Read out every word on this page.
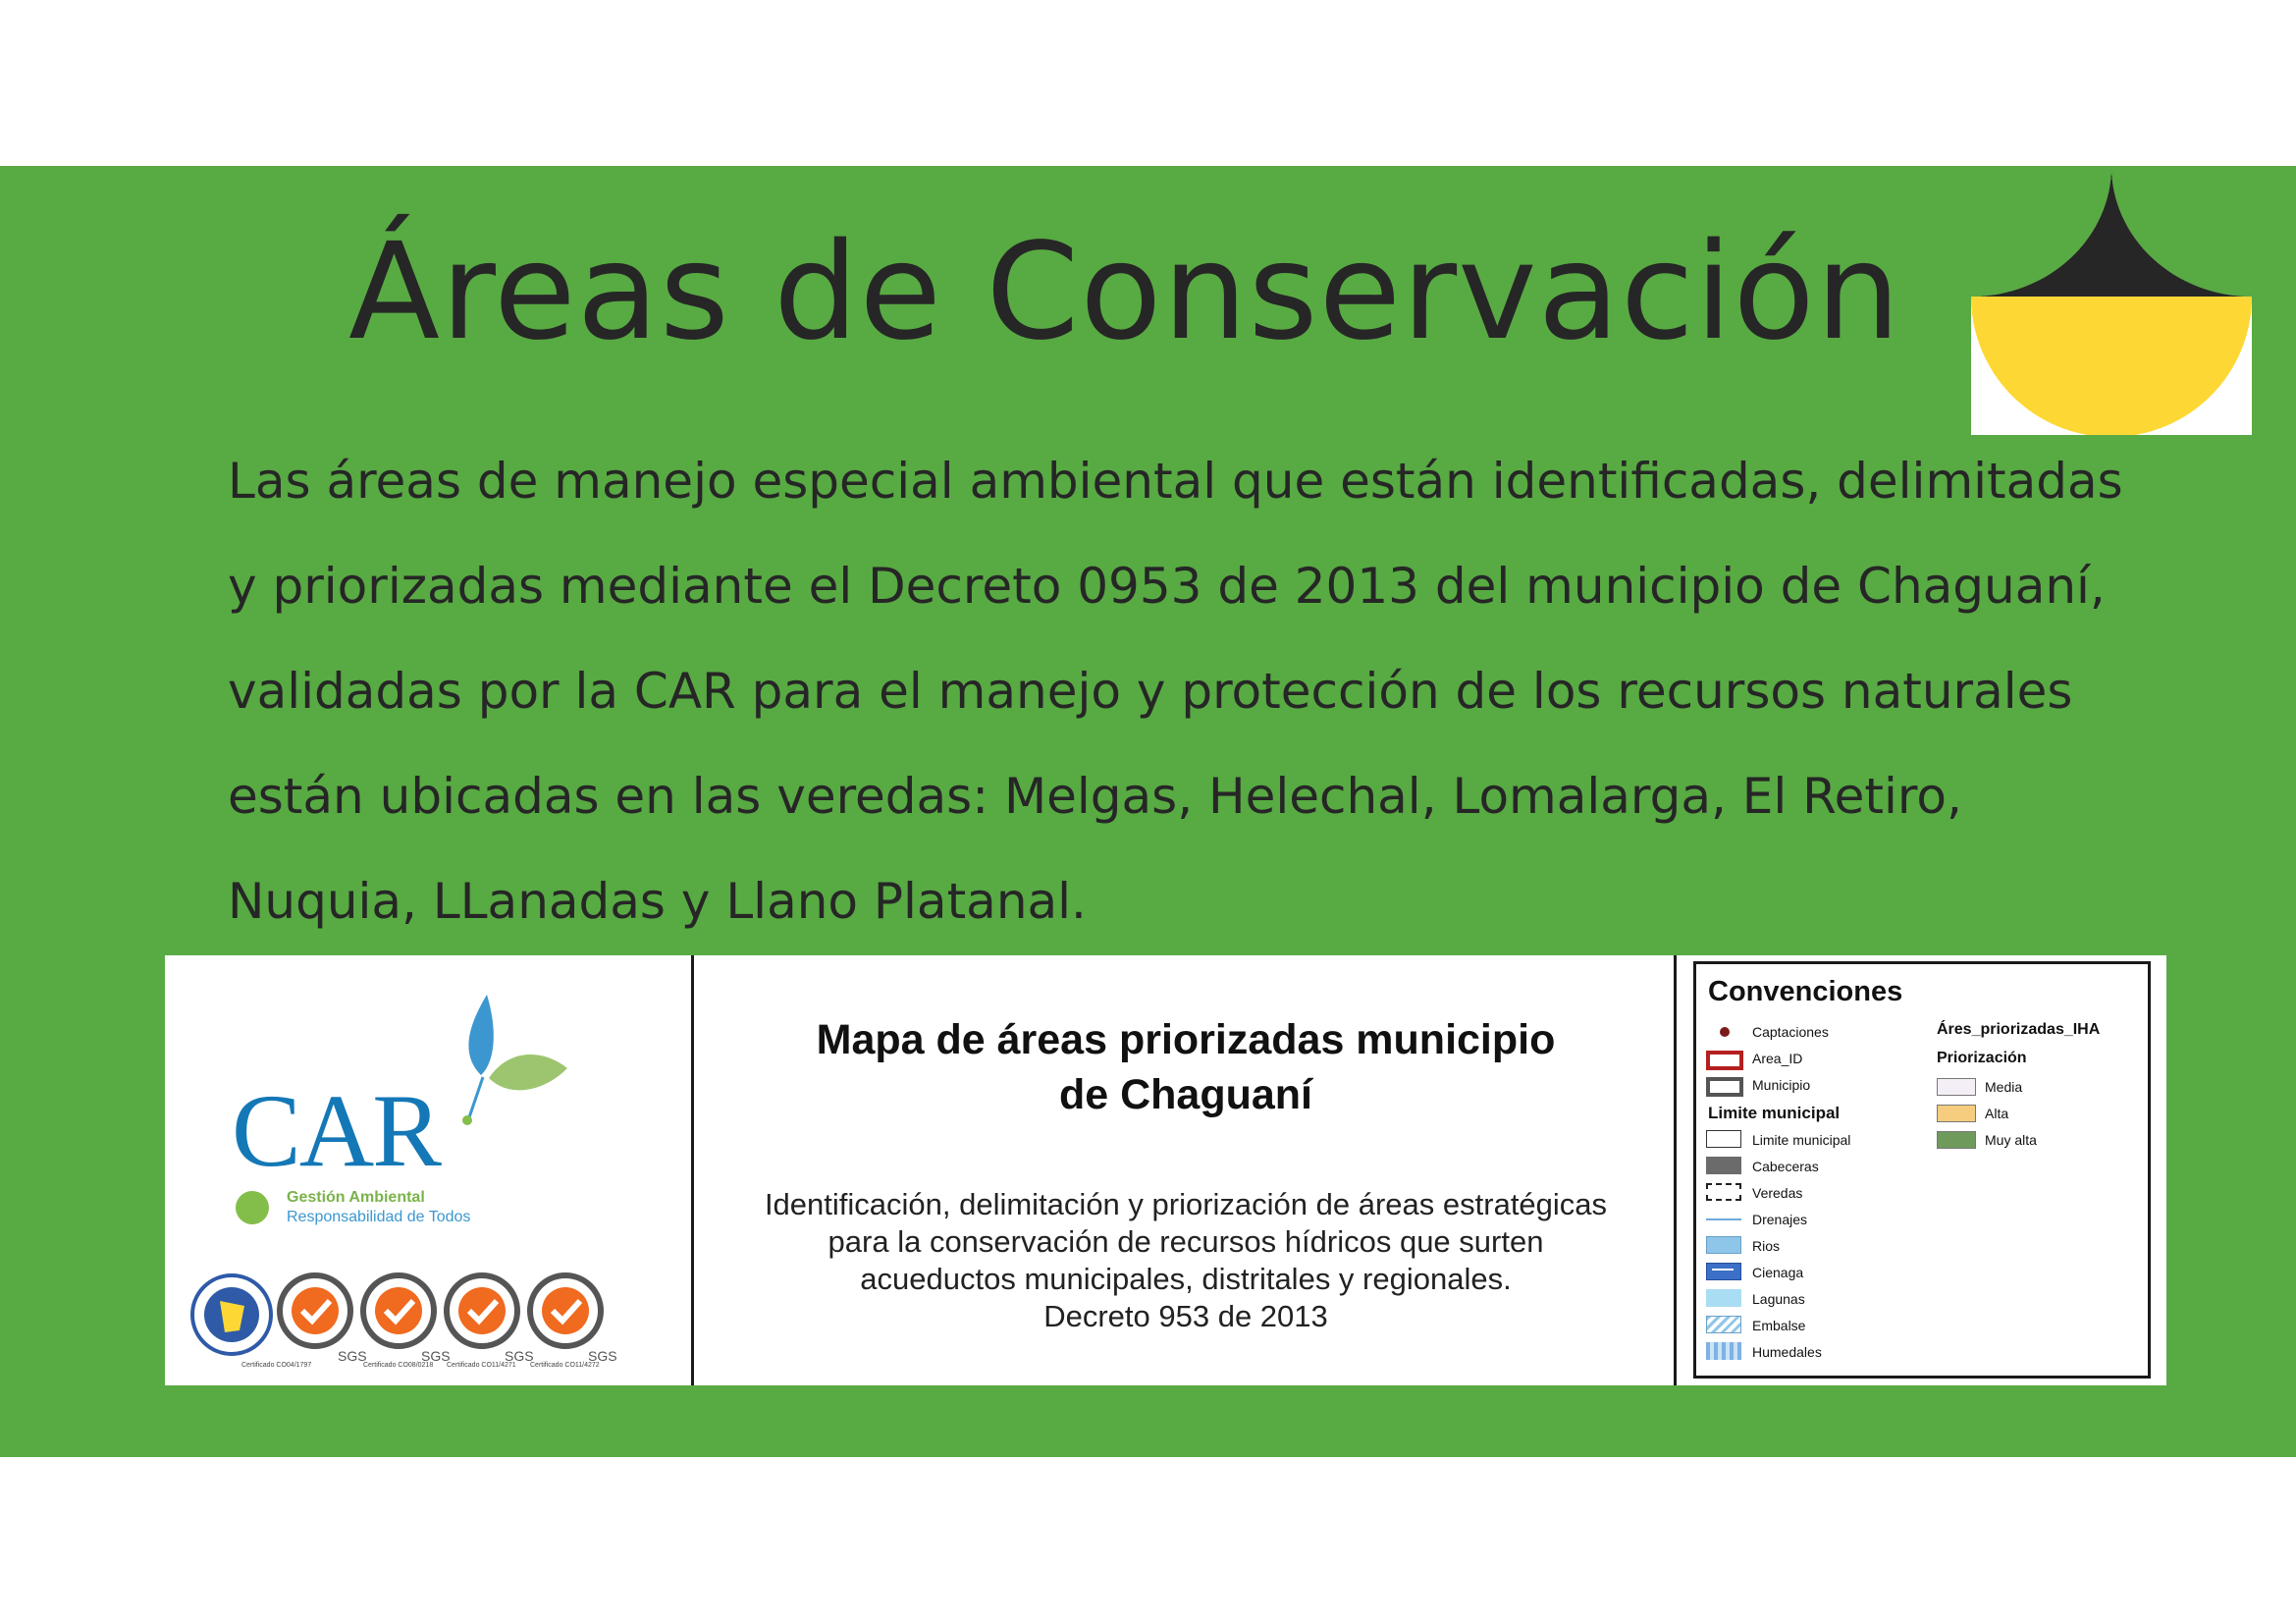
Áreas de Conservación
Las áreas de manejo especial ambiental que están identificadas, delimitadas
y priorizadas mediante el Decreto 0953 de 2013 del municipio de Chaguaní,
validadas por la CAR para el manejo y protección de los recursos naturales
están ubicadas en las veredas: Melgas, Helechal, Lomalarga, El Retiro,
Nuquia, LLanadas y Llano Platanal.
CAR
Gestión Ambiental
Responsabilidad de Todos
SGS	SGS	SGS	SGS
Certificado CO04/1797	Certificado CO08/0218 Certificado CO11/4271 Certificado CO11/4272
Mapa de áreas priorizadas municipio
de Chaguaní
Identificación, delimitación y priorización de áreas estratégicas
para la conservación de recursos hídricos que surten
acueductos municipales, distritales y regionales.
Decreto 953 de 2013
Convenciones
Captaciones
Area_ID
Municipio
Limite municipal
Limite municipal
Cabeceras
Veredas
Drenajes
Rios
Cienaga
Lagunas
Embalse
Humedales
Áres_priorizadas_IHA
Priorización
Media
Alta
Muy alta
